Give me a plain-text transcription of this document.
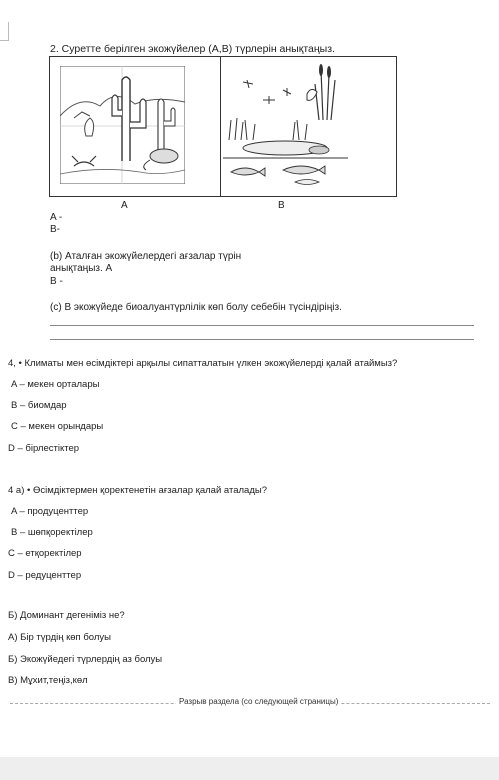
2. Суретте берілген экожүйелер (A,B) түрлерін анықтаңыз.
A	B
A -
B-
(b) Аталған экожүйелердегі ағзалар түрін
анықтаңыз. A
B -
(c) В экожүйеде биоалуантүрлілік көп болу себебін түсіндіріңіз.
4, • Климаты мен өсімдіктері арқылы сипатталатын үлкен экожүйелерді қалай атаймыз?
A – мекен орталары
B – биомдар
C – мекен орындары
D – бірлестіктер
4 а) • Өсімдіктермен қоректенетін ағзалар қалай аталады?
A – продуценттер
B – шөпқоректілер
C – етқоректілер
D – редуценттер
Б) Доминант дегеніміз не?
A) Бір түрдің көп болуы
Б) Экожүйедегі түрлердің аз болуы
В) Мұхит,теңіз,көл
Разрыв раздела (со следующей страницы)
